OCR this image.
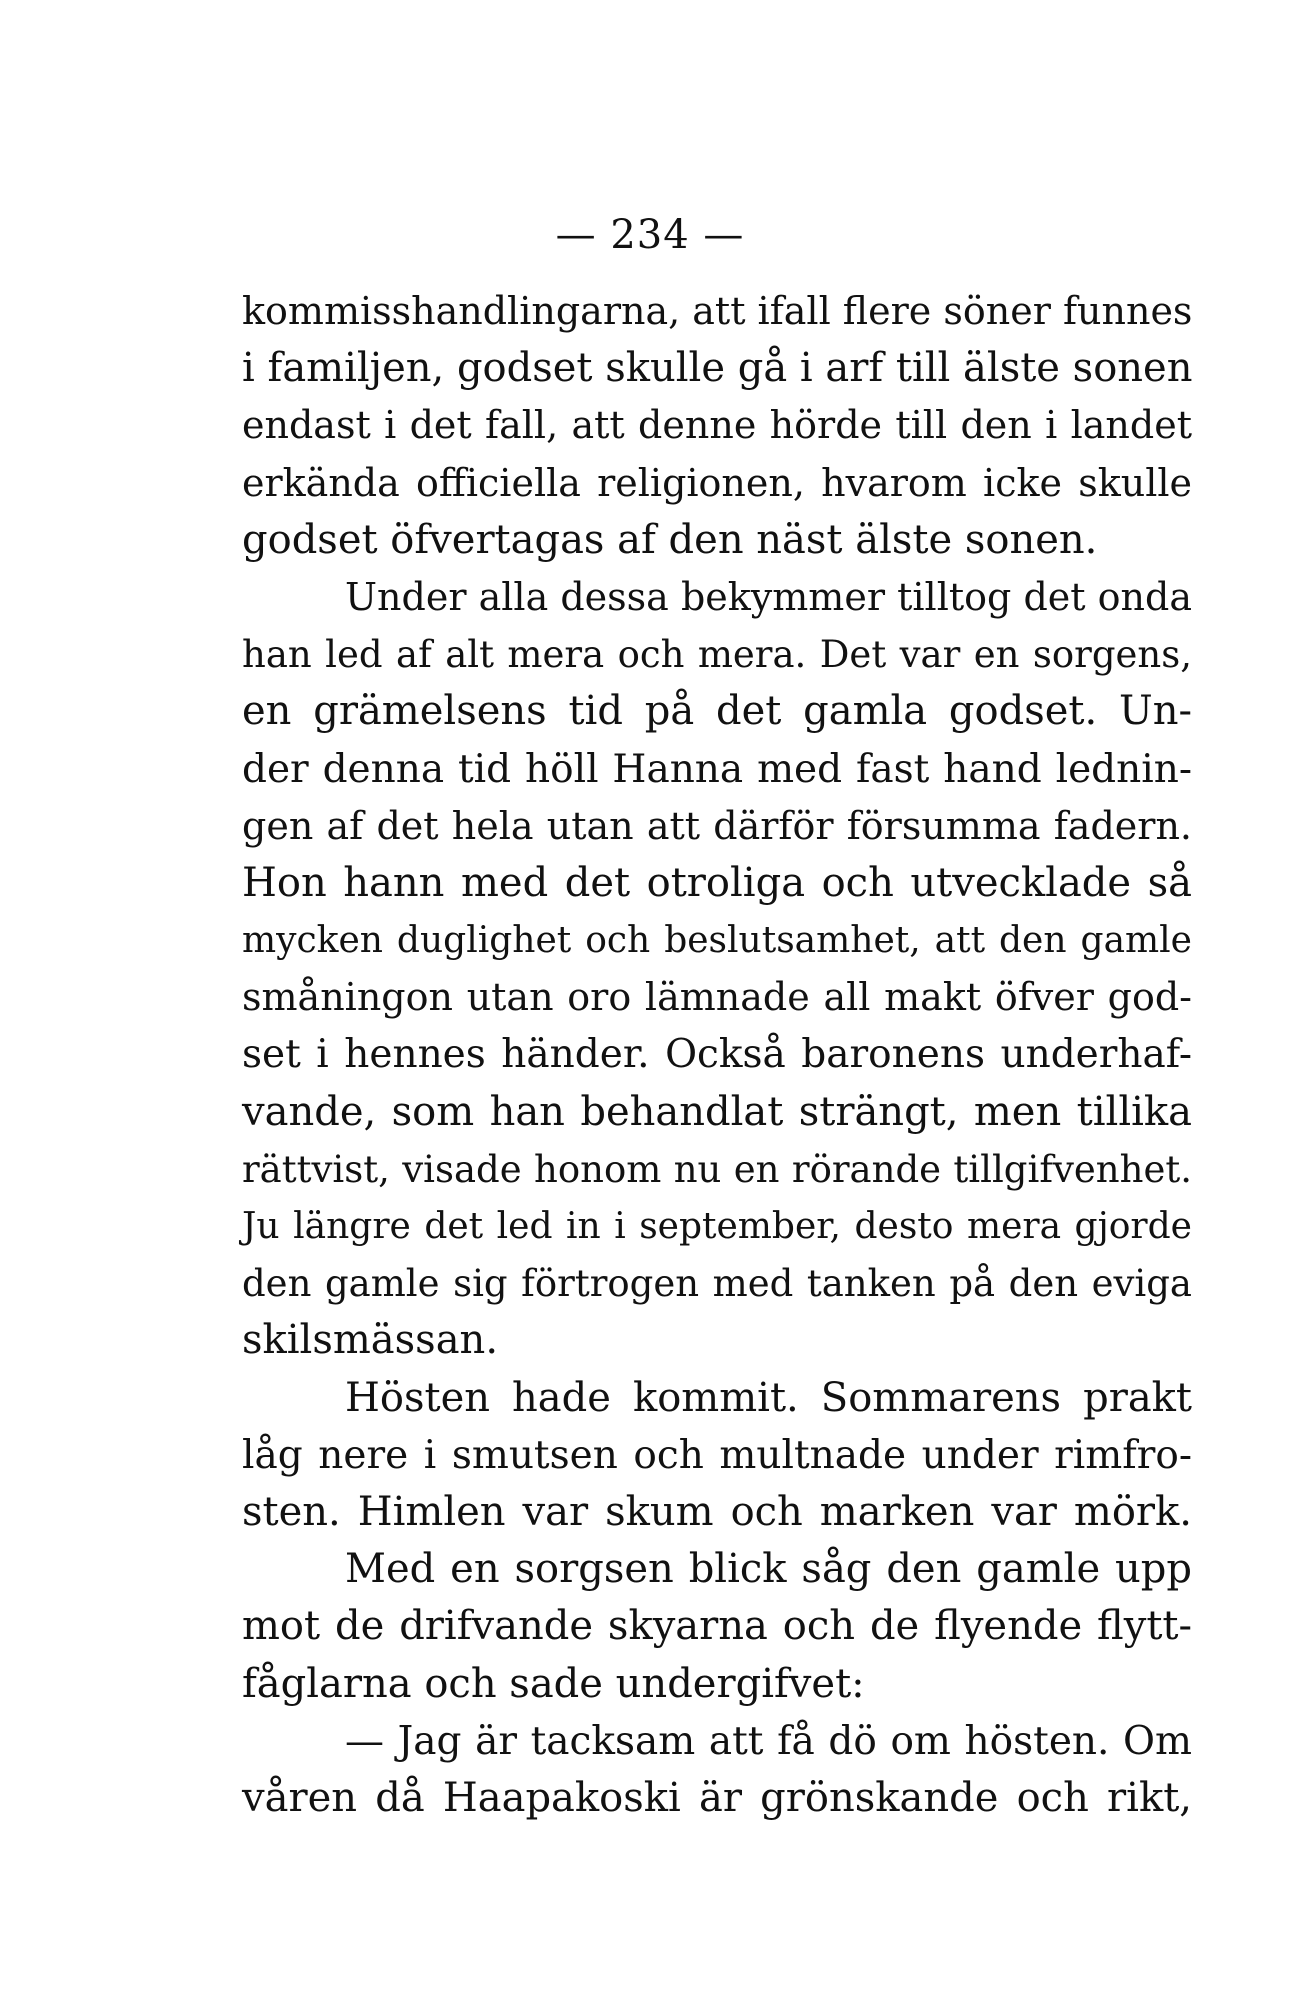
— 234 —
kommisshandlingarna, att ifall flere söner funnes
i familjen, godset skulle gå i arf till älste sonen
endast i det fall, att denne hörde till den i landet
erkända officiella religionen, hvarom icke skulle
godset öfvertagas af den näst älste sonen.
Under alla dessa bekymmer tilltog det onda
han led af alt mera och mera. Det var en sorgens,
en grämelsens tid på det gamla godset. Un-
der denna tid höll Hanna med fast hand lednin-
gen af det hela utan att därför försumma fadern.
Hon hann med det otroliga och utvecklade så
mycken duglighet och beslutsamhet, att den gamle
småningon utan oro lämnade all makt öfver god-
set i hennes händer. Också baronens underhaf-
vande, som han behandlat strängt, men tillika
rättvist, visade honom nu en rörande tillgifvenhet.
Ju längre det led in i september, desto mera gjorde
den gamle sig förtrogen med tanken på den eviga
skilsmässan.
Hösten hade kommit. Sommarens prakt
låg nere i smutsen och multnade under rimfro-
sten. Himlen var skum och marken var mörk.
Med en sorgsen blick såg den gamle upp
mot de drifvande skyarna och de flyende flytt-
fåglarna och sade undergifvet:
— Jag är tacksam att få dö om hösten. Om
våren då Haapakoski är grönskande och rikt,
